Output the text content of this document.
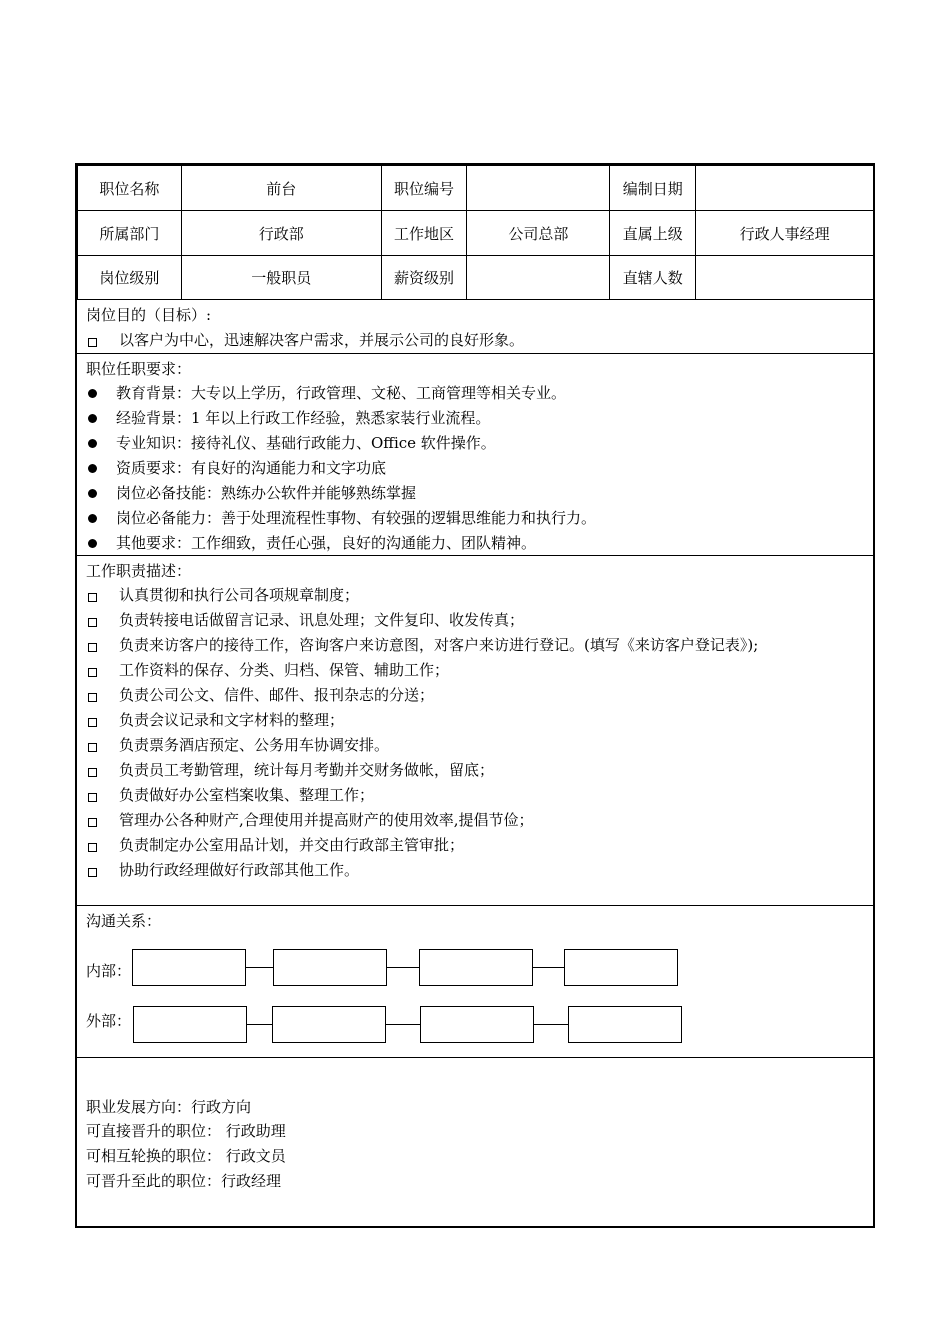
职位名称	前台	职位编号		编制日期	
所属部门	行政部	工作地区	公司总部	直属上级	行政人事经理
岗位级别	一般职员	薪资级别		直辖人数	
岗位目的（目标）:
以客户为中心，迅速解决客户需求，并展示公司的良好形象。
职位任职要求：
教育背景：大专以上学历，行政管理、文秘、工商管理等相关专业。
经验背景：1 年以上行政工作经验，熟悉家装行业流程。
专业知识：接待礼仪、基础行政能力、Office 软件操作。
资质要求：有良好的沟通能力和文字功底
岗位必备技能：熟练办公软件并能够熟练掌握
岗位必备能力：善于处理流程性事物、有较强的逻辑思维能力和执行力。
其他要求：工作细致，责任心强，良好的沟通能力、团队精神。
工作职责描述：
认真贯彻和执行公司各项规章制度；
负责转接电话做留言记录、讯息处理；文件复印、收发传真；
负责来访客户的接待工作，咨询客户来访意图，对客户来访进行登记。(填写《来访客户登记表》);
工作资料的保存、分类、归档、保管、辅助工作；
负责公司公文、信件、邮件、报刊杂志的分送；
负责会议记录和文字材料的整理；
负责票务酒店预定、公务用车协调安排。
负责员工考勤管理，统计每月考勤并交财务做帐，留底；
负责做好办公室档案收集、整理工作；
管理办公各种财产,合理使用并提高财产的使用效率,提倡节俭；
负责制定办公室用品计划，并交由行政部主管审批；
协助行政经理做好行政部其他工作。
沟通关系：
内部：
外部：
职业发展方向：行政方向
可直接晋升的职位： 行政助理
可相互轮换的职位： 行政文员
可晋升至此的职位：行政经理
